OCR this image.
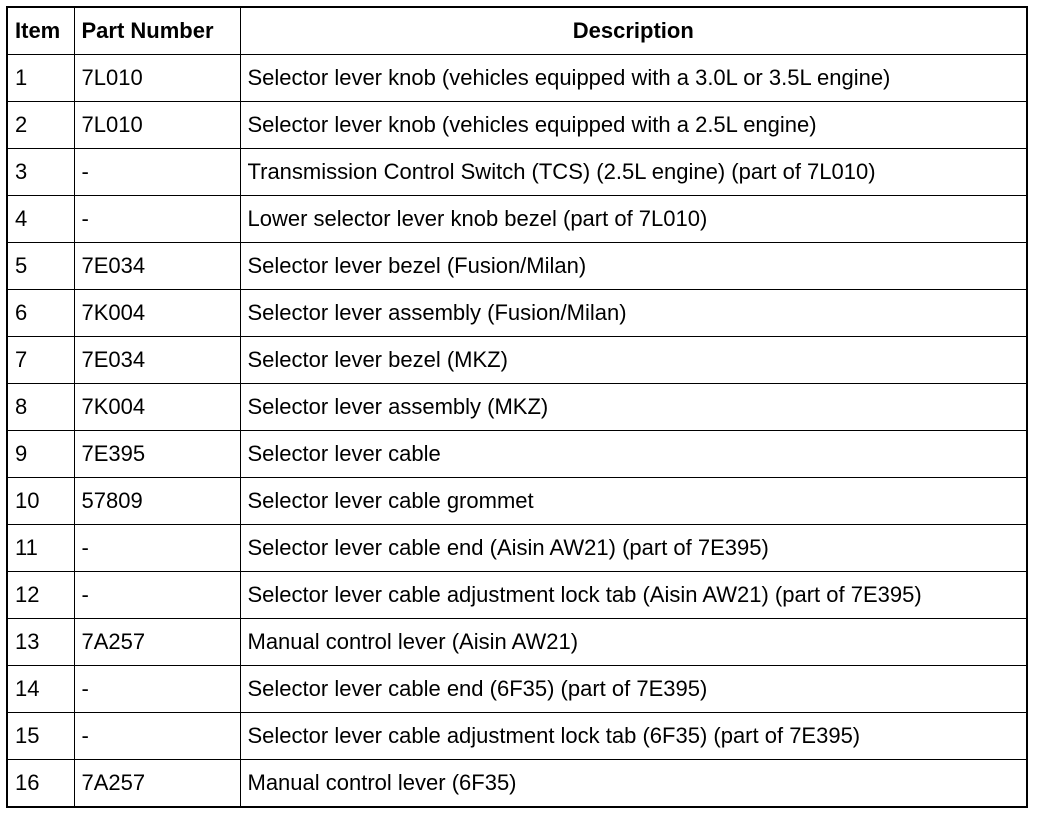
Item	Part Number	Description
1	7L010	Selector lever knob (vehicles equipped with a 3.0L or 3.5L engine)
2	7L010	Selector lever knob (vehicles equipped with a 2.5L engine)
3	-	Transmission Control Switch (TCS) (2.5L engine) (part of 7L010)
4	-	Lower selector lever knob bezel (part of 7L010)
5	7E034	Selector lever bezel (Fusion/Milan)
6	7K004	Selector lever assembly (Fusion/Milan)
7	7E034	Selector lever bezel (MKZ)
8	7K004	Selector lever assembly (MKZ)
9	7E395	Selector lever cable
10	57809	Selector lever cable grommet
11	-	Selector lever cable end (Aisin AW21) (part of 7E395)
12	-	Selector lever cable adjustment lock tab (Aisin AW21) (part of 7E395)
13	7A257	Manual control lever (Aisin AW21)
14	-	Selector lever cable end (6F35) (part of 7E395)
15	-	Selector lever cable adjustment lock tab (6F35) (part of 7E395)
16	7A257	Manual control lever (6F35)
